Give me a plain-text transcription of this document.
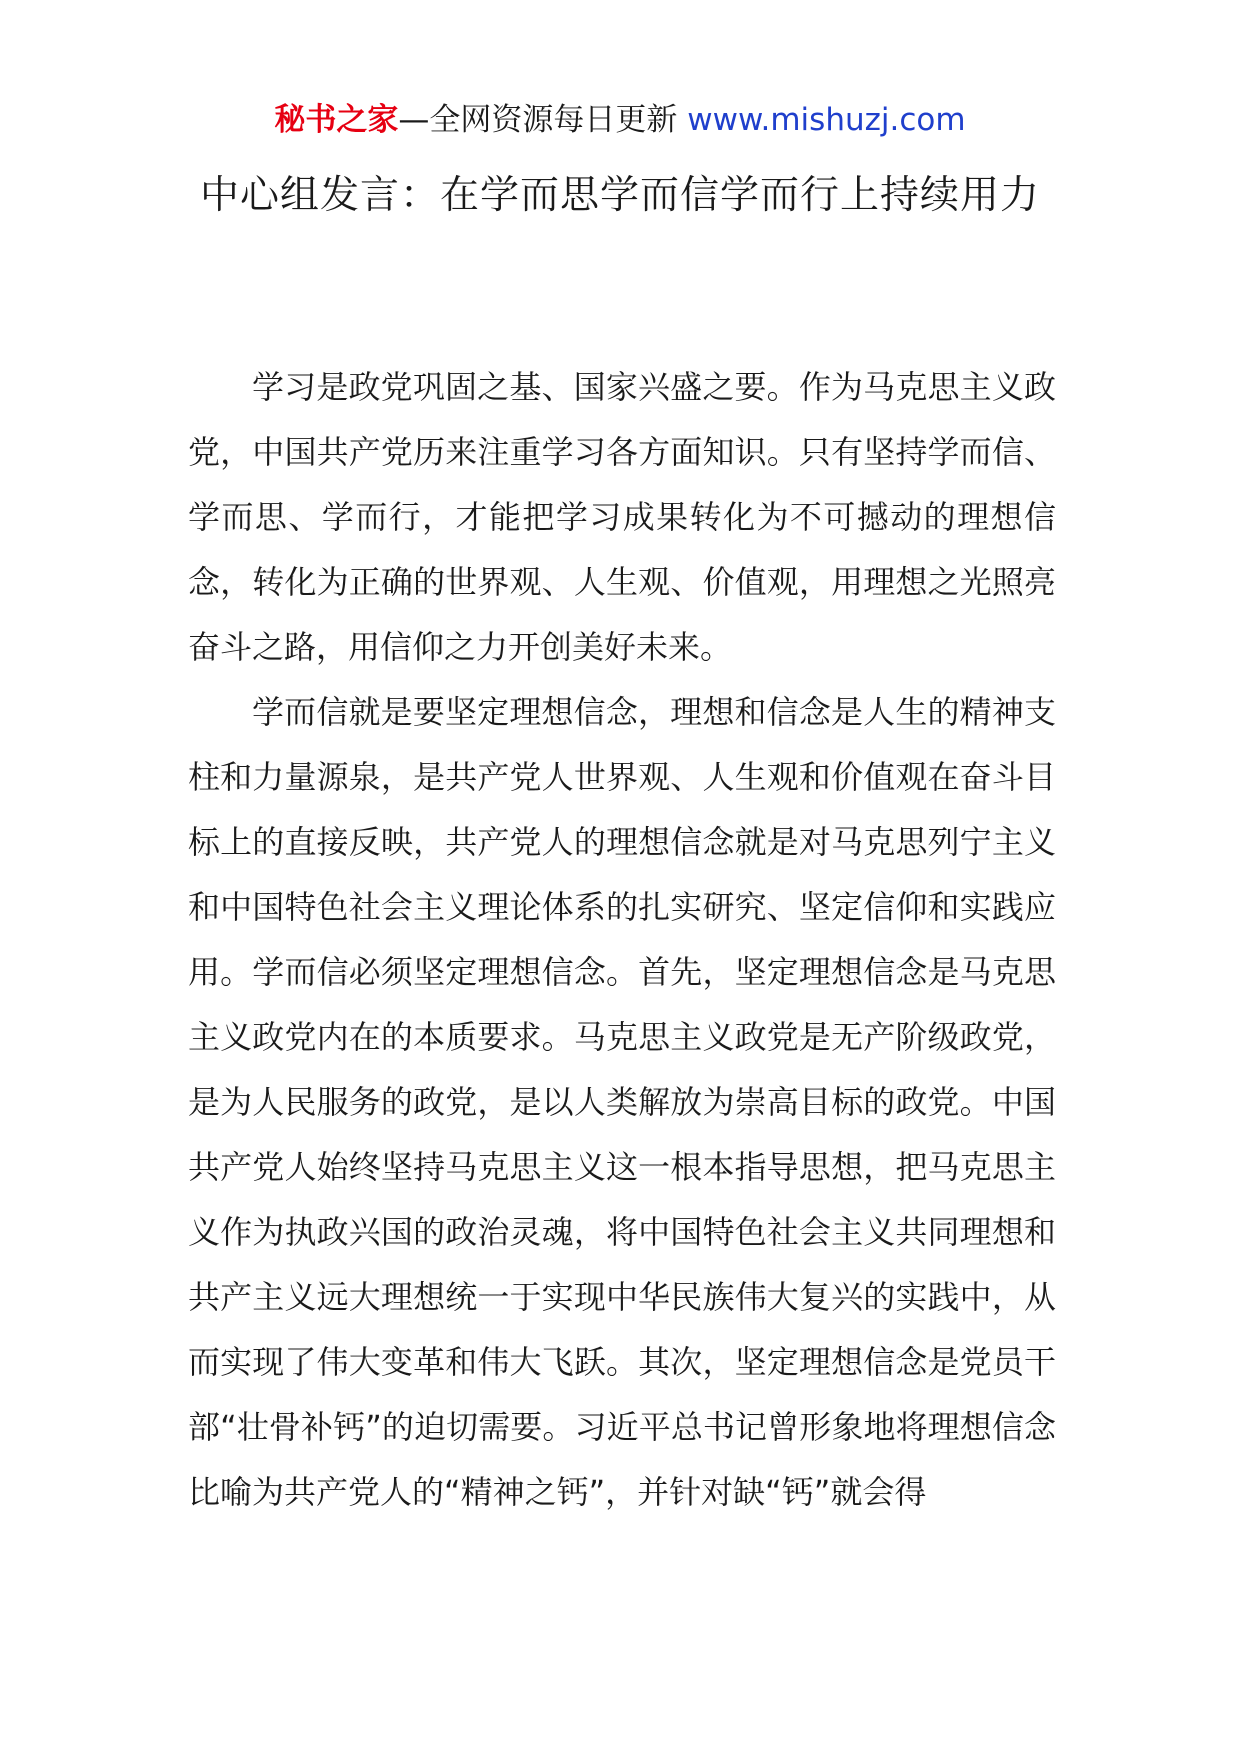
秘书之家—全网资源每日更新 www.mishuzj.com
中心组发言：在学而思学而信学而行上持续用力

学习是政党巩固之基、国家兴盛之要。作为马克思主义政党，中国共产党历来注重学习各方面知识。只有坚持学而信、学而思、学而行，才能把学习成果转化为不可撼动的理想信念，转化为正确的世界观、人生观、价值观，用理想之光照亮奋斗之路，用信仰之力开创美好未来。

学而信就是要坚定理想信念，理想和信念是人生的精神支柱和力量源泉，是共产党人世界观、人生观和价值观在奋斗目标上的直接反映，共产党人的理想信念就是对马克思列宁主义和中国特色社会主义理论体系的扎实研究、坚定信仰和实践应用。学而信必须坚定理想信念。首先，坚定理想信念是马克思主义政党内在的本质要求。马克思主义政党是无产阶级政党，是为人民服务的政党，是以人类解放为崇高目标的政党。中国共产党人始终坚持马克思主义这一根本指导思想，把马克思主义作为执政兴国的政治灵魂，将中国特色社会主义共同理想和共产主义远大理想统一于实现中华民族伟大复兴的实践中，从而实现了伟大变革和伟大飞跃。其次，坚定理想信念是党员干部“壮骨补钙”的迫切需要。习近平总书记曾形象地将理想信念比喻为共产党人的“精神之钙”，并针对缺“钙”就会得
